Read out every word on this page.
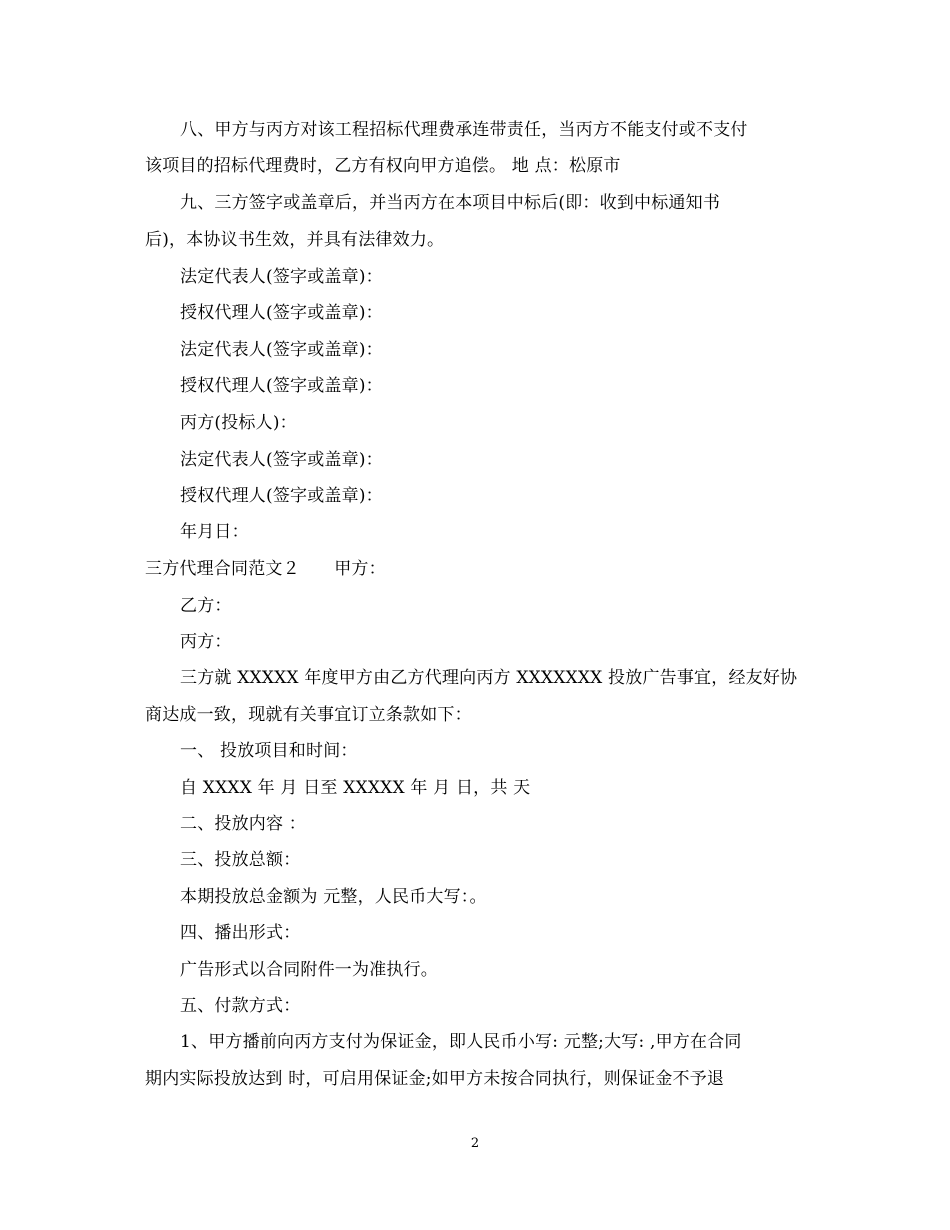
八、甲方与丙方对该工程招标代理费承连带责任，当丙方不能支付或不支付
该项目的招标代理费时，乙方有权向甲方追偿。 地 点：松原市
九、三方签字或盖章后，并当丙方在本项目中标后(即：收到中标通知书
后)，本协议书生效，并具有法律效力。
法定代表人(签字或盖章)：
授权代理人(签字或盖章)：
法定代表人(签字或盖章)：
授权代理人(签字或盖章)：
丙方(投标人)：
法定代表人(签字或盖章)：
授权代理人(签字或盖章)：
年月日：
三方代理合同范文２　　甲方：
乙方：
丙方：
三方就 XXXXX 年度甲方由乙方代理向丙方 XXXXXXX 投放广告事宜，经友好协
商达成一致，现就有关事宜订立条款如下：
一、 投放项目和时间：
自 XXXX 年 月 日至 XXXXX 年 月 日，共 天
二、投放内容 ：
三、投放总额：
本期投放总金额为 元整，人民币大写：。
四、播出形式：
广告形式以合同附件一为准执行。
五、付款方式：
1、甲方播前向丙方支付为保证金，即人民币小写: 元整;大写: ,甲方在合同
期内实际投放达到 时，可启用保证金;如甲方未按合同执行，则保证金不予退
2
